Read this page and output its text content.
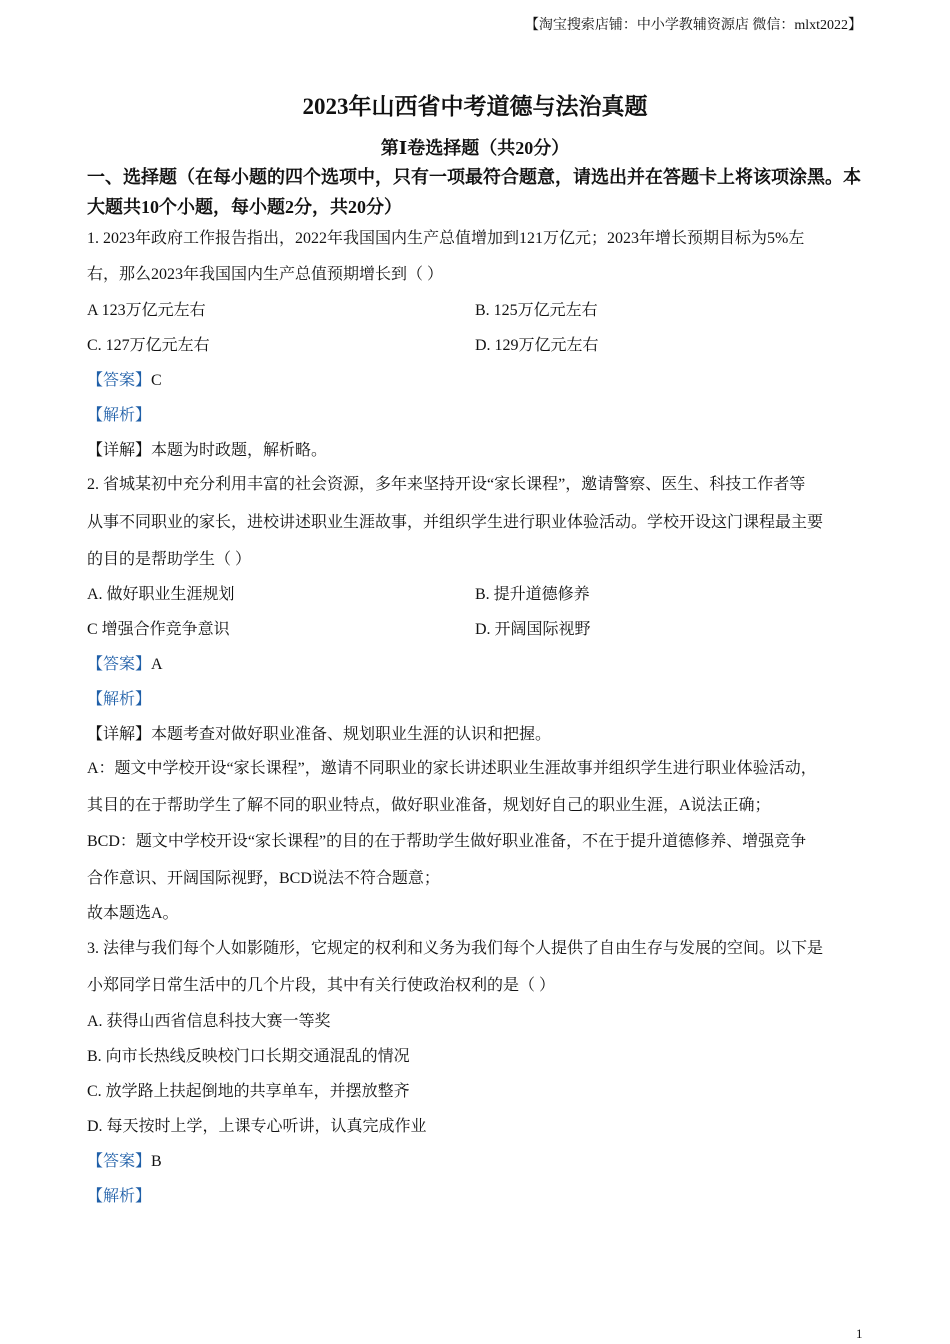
【淘宝搜索店铺：中小学教辅资源店 微信：mlxt2022】
2023年山西省中考道德与法治真题
第Ⅰ卷选择题（共20分）
一、选择题（在每小题的四个选项中，只有一项最符合题意，请选出并在答题卡上将该项涂黑。本大题共10个小题，每小题2分，共20分）
1. 2023年政府工作报告指出，2022年我国国内生产总值增加到121万亿元；2023年增长预期目标为5%左
右，那么2023年我国国内生产总值预期增长到（ ）
A 123万亿元左右	B. 125万亿元左右
C. 127万亿元左右	D. 129万亿元左右
【答案】C
【解析】
【详解】本题为时政题，解析略。
2. 省城某初中充分利用丰富的社会资源，多年来坚持开设“家长课程”，邀请警察、医生、科技工作者等
从事不同职业的家长，进校讲述职业生涯故事，并组织学生进行职业体验活动。学校开设这门课程最主要
的目的是帮助学生（ ）
A. 做好职业生涯规划	B. 提升道德修养
C 增强合作竞争意识	D. 开阔国际视野
【答案】A
【解析】
【详解】本题考查对做好职业准备、规划职业生涯的认识和把握。
A：题文中学校开设“家长课程”，邀请不同职业的家长讲述职业生涯故事并组织学生进行职业体验活动，
其目的在于帮助学生了解不同的职业特点，做好职业准备，规划好自己的职业生涯，A说法正确；
BCD：题文中学校开设“家长课程”的目的在于帮助学生做好职业准备，不在于提升道德修养、增强竞争
合作意识、开阔国际视野，BCD说法不符合题意；
故本题选A。
3. 法律与我们每个人如影随形，它规定的权利和义务为我们每个人提供了自由生存与发展的空间。以下是
小郑同学日常生活中的几个片段，其中有关行使政治权利的是（ ）
A. 获得山西省信息科技大赛一等奖
B. 向市长热线反映校门口长期交通混乱的情况
C. 放学路上扶起倒地的共享单车，并摆放整齐
D. 每天按时上学，上课专心听讲，认真完成作业
【答案】B
【解析】
1
